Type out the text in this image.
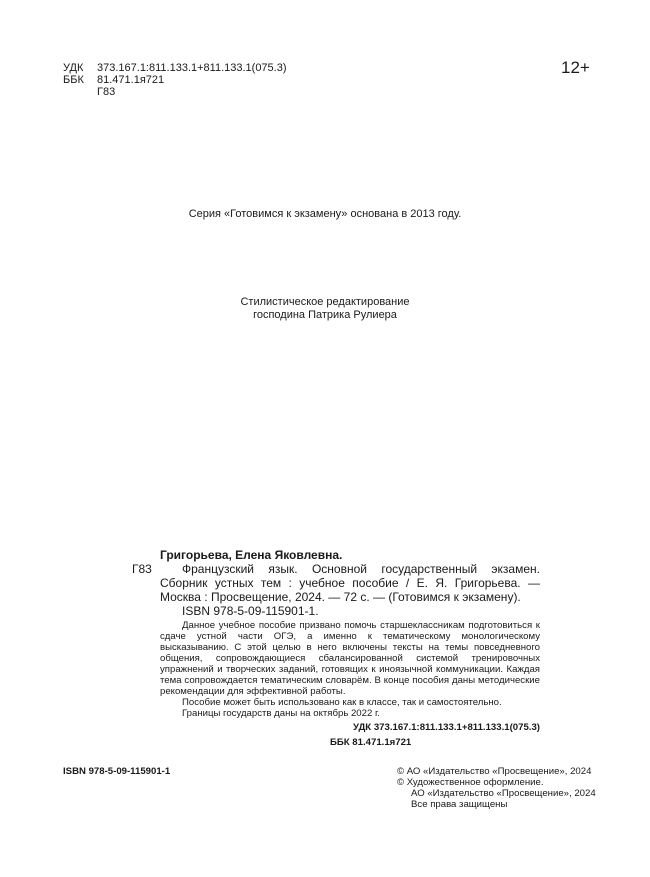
УДК 373.167.1:811.133.1+811.133.1(075.3)
ББК 81.471.1я721
Г83
12+
Серия «Готовимся к экзамену» основана в 2013 году.
Стилистическое редактирование
господина Патрика Рулиера
Г83

Григорьева, Елена Яковлевна.

Французский язык. Основной государственный экзамен. Сборник устных тем : учебное пособие / Е. Я. Григорьева. — Москва : Просвещение, 2024. — 72 с. — (Готовимся к экзамену).

ISBN 978-5-09-115901-1.

Данное учебное пособие призвано помочь старшеклассникам подготовиться к сдаче устной части ОГЭ, а именно к тематическому монологическому высказыванию. С этой целью в него включены тексты на темы повседневного общения, сопровождающиеся сбалансированной системой тренировочных упражнений и творческих заданий, готовящих к иноязычной коммуникации. Каждая тема сопровождается тематическим словарём. В конце пособия даны методические рекомендации для эффективной работы.

Пособие может быть использовано как в классе, так и самостоятельно.

Границы государств даны на октябрь 2022 г.

УДК 373.167.1:811.133.1+811.133.1(075.3)

ББК 81.471.1я721

ISBN 978-5-09-115901-1	© АО «Издательство «Просвещение», 2024
© Художественное оформление.
АО «Издательство «Просвещение», 2024
Все права защищены
